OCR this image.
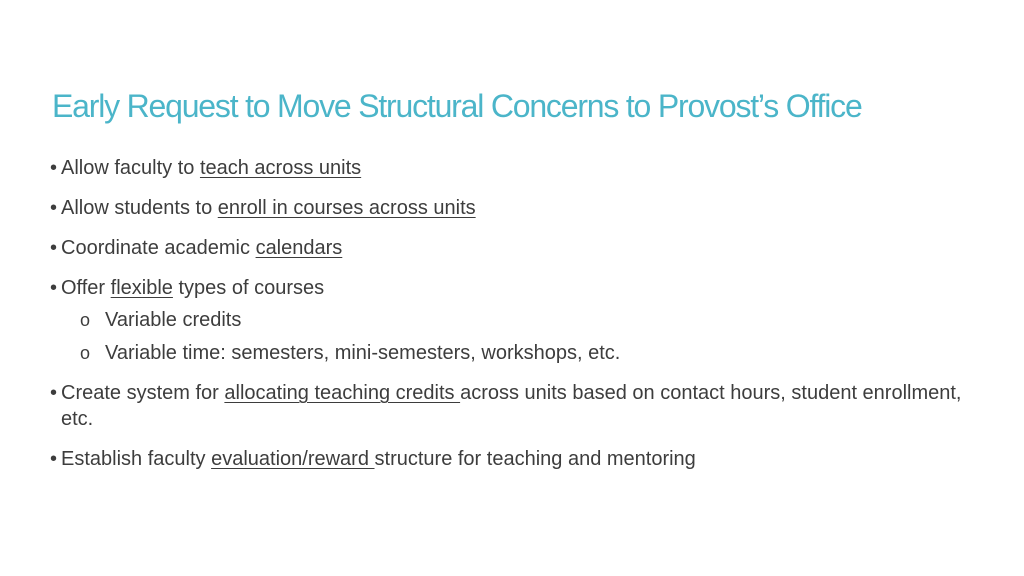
Early Request to Move Structural Concerns to Provost’s Office
• Allow faculty to teach across units
• Allow students to enroll in courses across units
• Coordinate academic calendars
• Offer flexible types of courses
o Variable credits
o Variable time: semesters, mini-semesters, workshops, etc.
• Create system for allocating teaching credits across units based on contact hours, student enrollment, etc.
• Establish faculty evaluation/reward structure for teaching and mentoring
